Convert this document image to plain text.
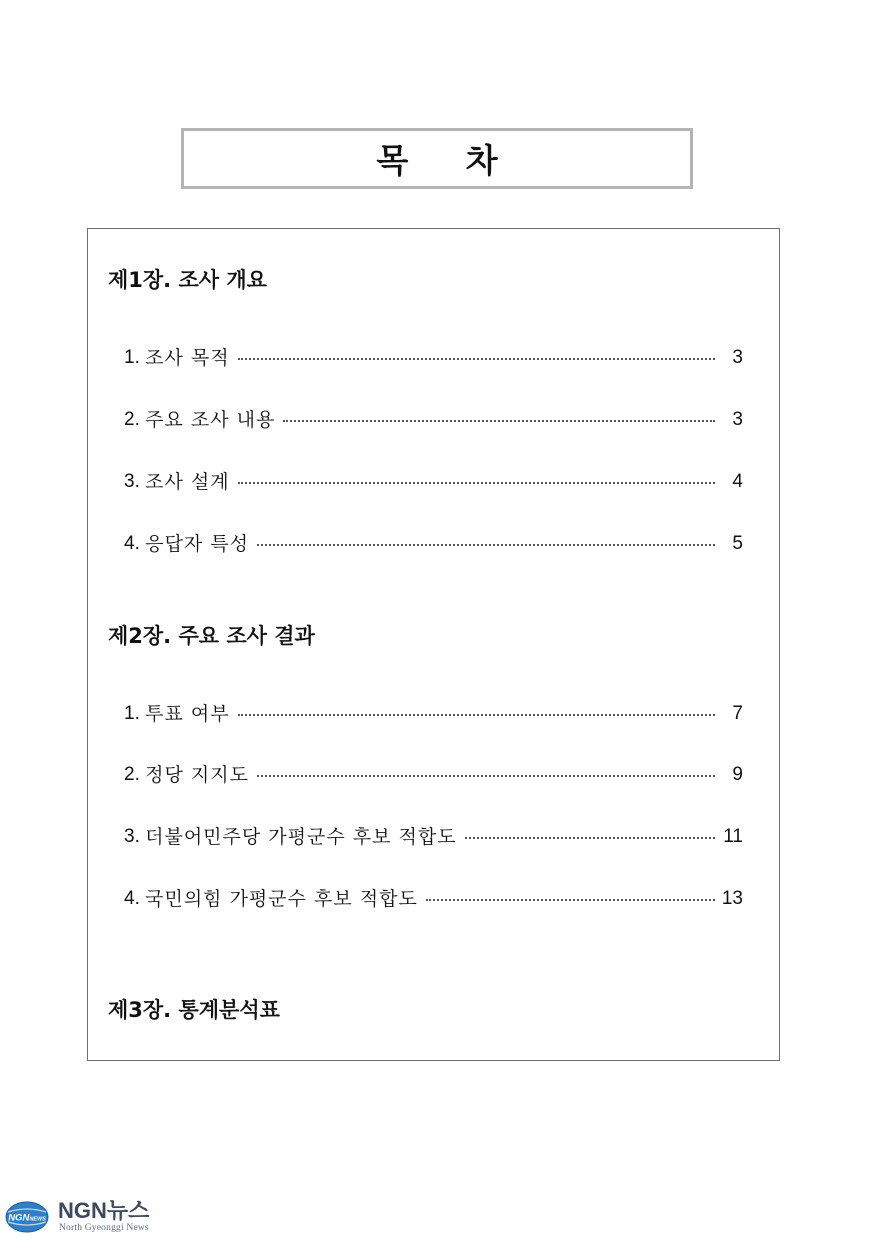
목     차
제1장. 조사 개요
1. 조사 목적	3
2. 주요 조사 내용	3
3. 조사 설계	4
4. 응답자 특성	5
제2장. 주요 조사 결과
1. 투표 여부	7
2. 정당 지지도	9
3. 더불어민주당 가평군수 후보 적합도	11
4. 국민의힘 가평군수 후보 적합도	13
제3장. 통계분석표
NGNNEWS NGN뉴스
North Gyeonggi News
